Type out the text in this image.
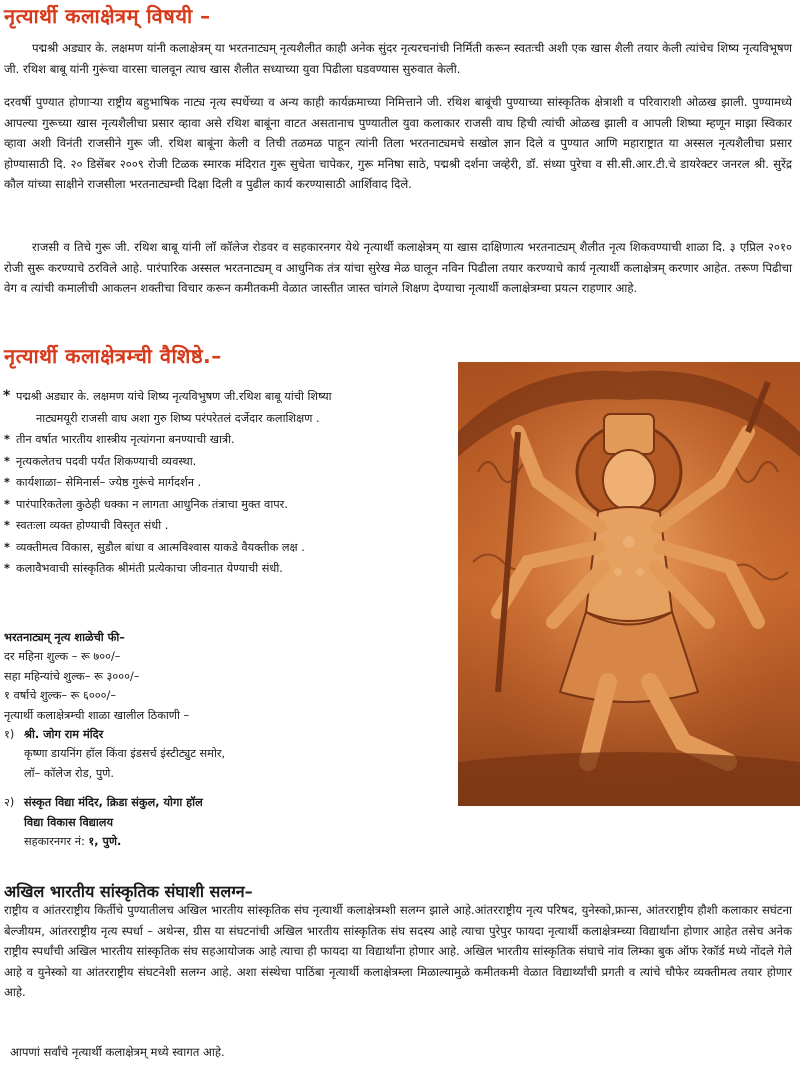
नृत्यार्थी कलाक्षेत्रम् विषयी –

पद्मश्री अड्यार के. लक्षमण यांनी कलाक्षेत्रम् या भरतनाट्यम् नृत्यशैलीत काही अनेक सुंदर नृत्यरचनांची निर्मिती करून स्वतःची अशी एक खास शैली तयार केली त्यांचेच शिष्य नृत्यविभूषण जी. रथिश बाबू यांनी गुरूंचा वारसा चालवून त्याच खास शैलीत सध्याच्या युवा पिढीला घडवण्यास सुरुवात केली.

दरवर्षी पुण्यात होणाऱ्या राष्ट्रीय बहुभाषिक नाट्य नृत्य स्पर्धेच्या व अन्य काही कार्यक्रमाच्या निमित्ताने जी. रथिश बाबूंची पुण्याच्या सांस्कृतिक क्षेत्राशी व परिवाराशी ओळख झाली. पुण्यामध्ये आपल्या गुरूच्या खास नृत्यशैलीचा प्रसार व्हावा असे रथिश बाबूंना वाटत असतानाच पुण्यातील युवा कलाकार राजसी वाघ हिची त्यांची ओळख झाली व आपली शिष्या म्हणून माझा स्विकार व्हावा अशी विनंती राजसीने गुरू जी. रथिश बाबूंना केली व तिची तळमळ पाहून त्यांनी तिला भरतनाट्यमचे सखोल ज्ञान दिले व पुण्यात आणि महाराष्ट्रात या अस्सल नृत्यशैलीचा प्रसार होण्यासाठी दि. २० डिसेंबर २००९ रोजी टिळक स्मारक मंदिरात गुरू सुचेता चापेकर, गुरू मनिषा साठे, पद्मश्री दर्शना जव्हेरी, डॉ. संध्या पुरेचा व सी.सी.आर.टी.चे डायरेक्टर जनरल श्री. सुरेंद्र कौल यांच्या साक्षीने राजसीला भरतनाट्यम्ची दिक्षा दिली व पुढील कार्य करण्यासाठी आर्शिवाद दिले.

राजसी व तिचे गुरू जी. रथिश बाबू यांनी लॉ कॉलेज रोडवर व सहकारनगर येथे नृत्यार्थी कलाक्षेत्रम् या खास दाक्षिणात्य भरतनाट्यम् शैलीत नृत्य शिकवण्याची शाळा दि. ३ एप्रिल २०१० रोजी सुरू करण्याचे ठरविले आहे. पारंपारिक अस्सल भरतनाट्यम् व आधुनिक तंत्र यांचा सुरेख मेळ घालून नविन पिढीला तयार करण्याचे कार्य नृत्यार्थी कलाक्षेत्रम् करणार आहेत. तरूण पिढीचा वेग व त्यांची कमालीची आकलन शक्तीचा विचार करून कमीतकमी वेळात जास्तीत जास्त चांगले शिक्षण देण्याचा नृत्यार्थी कलाक्षेत्रम्चा प्रयत्न राहणार आहे.

नृत्यार्थी कलाक्षेत्रम्ची वैशिष्ठे.–
* पद्मश्री अड्यार के. लक्षमण यांचे शिष्य नृत्यविभुषण जी.रथिश बाबू यांची शिष्या
नाट्यमयूरी राजसी वाघ अशा गुरु शिष्य परंपरेतलं दर्जेदार कलाशिक्षण .
* तीन वर्षात भारतीय शास्त्रीय नृत्यांगना बनण्याची खात्री.
* नृत्यकलेतच पदवी पर्यंत शिकण्याची व्यवस्था.
* कार्यशाळा– सेमिनार्स– ज्येष्ठ गुरूंचे मार्गदर्शन .
* पारंपारिकतेला कुठेही धक्का न लागता आधुनिक तंत्राचा मुक्त वापर.
* स्वतःला व्यक्त होण्याची विस्तृत संधी .
* व्यक्तीमत्व विकास, सुडौल बांधा व आत्मविश्वास याकडे वैयक्तीक लक्ष .
* कलावैभवाची सांस्कृतिक श्रीमंती प्रत्येकाचा जीवनात येण्याची संधी.
भरतनाट्यम् नृत्य शाळेची फी–
दर महिना शुल्क – रू ७००/–
सहा महिन्यांचे शुल्क– रू ३०००/–
१ वर्षाचे शुल्क– रू ६०००/–
नृत्यार्थी कलाक्षेत्रम्ची शाळा खालील ठिकाणी –
१) श्री. जोग राम मंदिर
कृष्णा डायनिंग हॉल किंवा इंडसर्च इंस्टीट्युट समोर,
लॉ– कॉलेज रोड, पुणे.
२) संस्कृत विद्या मंदिर, क्रिडा संकुल, योगा हॉल
विद्या विकास विद्यालय
सहकारनगर नं: १, पुणे.
अखिल भारतीय सांस्कृतिक संघाशी सलग्न–

राष्ट्रीय व आंतरराष्ट्रीय किर्तीचे पुण्यातीलच अखिल भारतीय सांस्कृतिक संघ नृत्यार्थी कलाक्षेत्रम्शी सलग्न झाले आहे.आंतरराष्ट्रीय नृत्य परिषद, युनेस्को,फ्रान्स, आंतरराष्ट्रीय हौशी कलाकार सघंटना बेल्जीयम, आंतरराष्ट्रीय नृत्य स्पर्धा – अथेन्स, ग्रीस या संघटनांची अखिल भारतीय सांस्कृतिक संघ सदस्य आहे त्याचा पुरेपुर फायदा नृत्यार्थी कलाक्षेत्रम्च्या विद्यार्थांना होणार आहेत तसेच अनेक राष्ट्रीय स्पर्धांची अखिल भारतीय सांस्कृतिक संघ सहआयोजक आहे त्याचा ही फायदा या विद्यार्थांना होणार आहे. अखिल भारतीय सांस्कृतिक संघाचे नांव लिम्का बुक ऑफ रेकॉर्ड मध्ये नोंदले गेले आहे व युनेस्को या आंतरराष्ट्रीय संघटनेशी सलग्न आहे. अशा संस्थेचा पाठिंबा नृत्यार्थी कलाक्षेत्रम्ला मिळाल्यामुळे कमीतकमी वेळात विद्यार्थ्यांची प्रगती व त्यांचे चौफेर व्यक्तीमत्व तयार होणार आहे.

आपणां सर्वांचे नृत्यार्थी कलाक्षेत्रम् मध्ये स्वागत आहे.
